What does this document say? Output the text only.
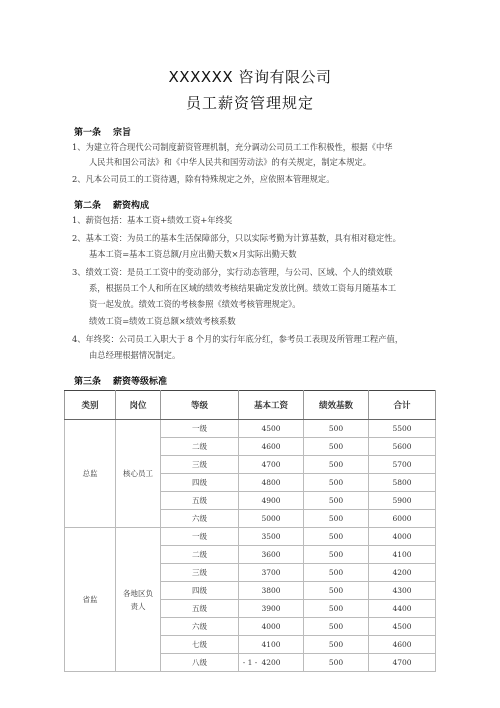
XXXXXX 咨询有限公司
员工薪资管理规定
第一条 宗旨
1、为建立符合现代公司制度薪资管理机制，充分调动公司员工工作积极性，根据《中华
人民共和国公司法》和《中华人民共和国劳动法》的有关规定，制定本规定。
2、凡本公司员工的工资待遇，除有特殊规定之外，应依照本管理规定。
第二条 薪资构成
1、薪资包括：基本工资+绩效工资+年终奖
2、基本工资：为员工的基本生活保障部分，只以实际考勤为计算基数，具有相对稳定性。
基本工资=基本工资总额/月应出勤天数×月实际出勤天数
3、绩效工资：是员工工资中的变动部分，实行动态管理，与公司、区域、个人的绩效联
系，根据员工个人和所在区域的绩效考核结果确定发放比例。绩效工资每月随基本工
资一起发放。绩效工资的考核参照《绩效考核管理规定》。
绩效工资=绩效工资总额×绩效考核系数
4、年终奖：公司员工入职大于 8 个月的实行年底分红，参考员工表现及所管理工程产值，
由总经理根据情况制定。
第三条 薪资等级标准
类别	岗位	等级	基本工资	绩效基数	合计
总监	核心员工	一级	4500	500	5500
		二级	4600	500	5600
		三级	4700	500	5700
		四级	4800	500	5800
		五级	4900	500	5900
		六级	5000	500	6000
省监	各地区负责人	一级	3500	500	4000
		二级	3600	500	4100
		三级	3700	500	4200
		四级	3800	500	4300
		五级	3900	500	4400
		六级	4000	500	4500
		七级	4100	500	4600
		八级	4200	500	4700
- 1 -
